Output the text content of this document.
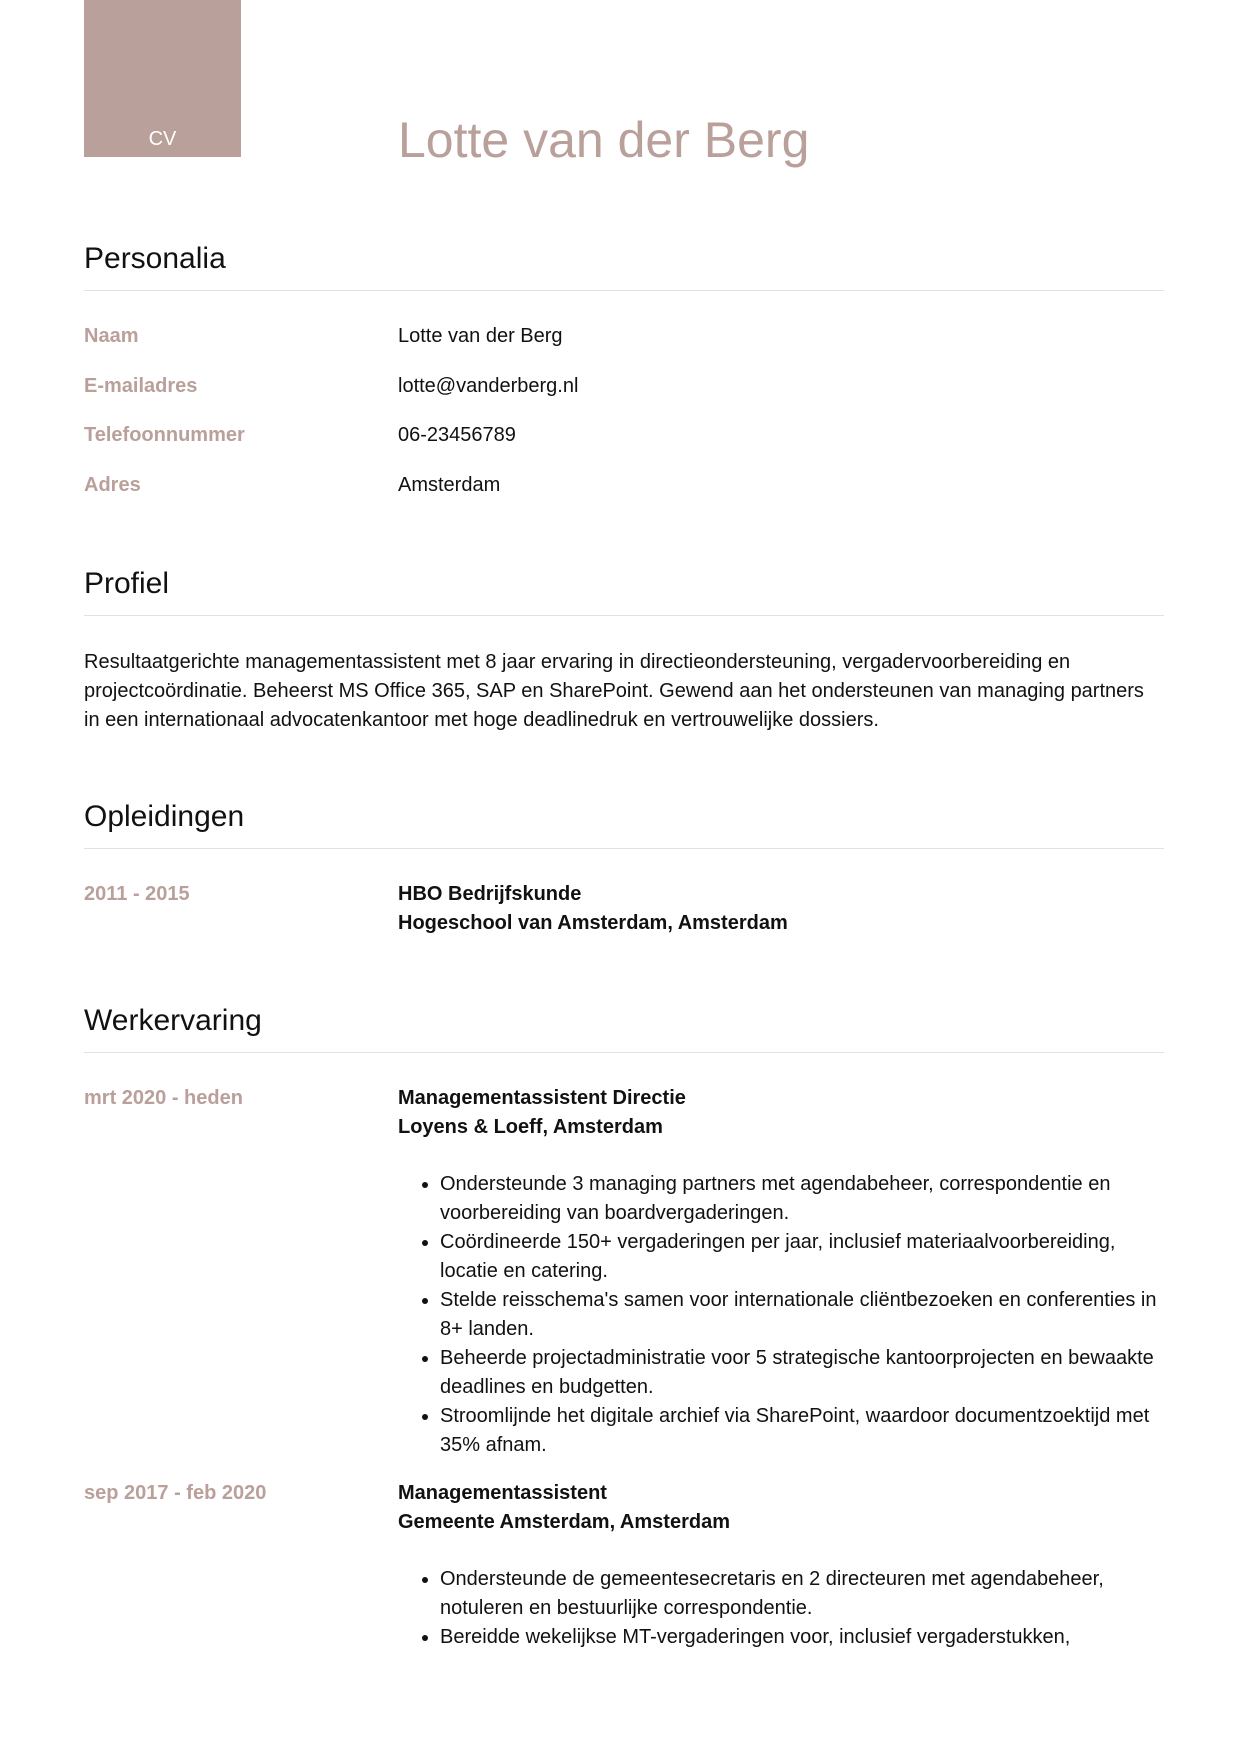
CV	Lotte van der Berg
Personalia
Naam	Lotte van der Berg
E-mailadres	lotte@vanderberg.nl
Telefoonnummer	06-23456789
Adres	Amsterdam
Profiel

Resultaatgerichte managementassistent met 8 jaar ervaring in directieondersteuning, vergadervoorbereiding en projectcoördinatie. Beheerst MS Office 365, SAP en SharePoint. Gewend aan het ondersteunen van managing partners in een internationaal advocatenkantoor met hoge deadlinedruk en vertrouwelijke dossiers.

Opleidingen
2011 - 2015	HBO Bedrijfskunde
Hogeschool van Amsterdam, Amsterdam
Werkervaring
mrt 2020 - heden	Managementassistent Directie
Loyens & Loeff, Amsterdam
• Ondersteunde 3 managing partners met agendabeheer, correspondentie en voorbereiding van boardvergaderingen.
• Coördineerde 150+ vergaderingen per jaar, inclusief materiaalvoorbereiding, locatie en catering.
• Stelde reisschema's samen voor internationale cliëntbezoeken en conferenties in 8+ landen.
• Beheerde projectadministratie voor 5 strategische kantoorprojecten en bewaakte deadlines en budgetten.
• Stroomlijnde het digitale archief via SharePoint, waardoor documentzoektijd met 35% afnam.
sep 2017 - feb 2020	Managementassistent
Gemeente Amsterdam, Amsterdam
• Ondersteunde de gemeentesecretaris en 2 directeuren met agendabeheer, notuleren en bestuurlijke correspondentie.
• Bereidde wekelijkse MT-vergaderingen voor, inclusief vergaderstukken,
